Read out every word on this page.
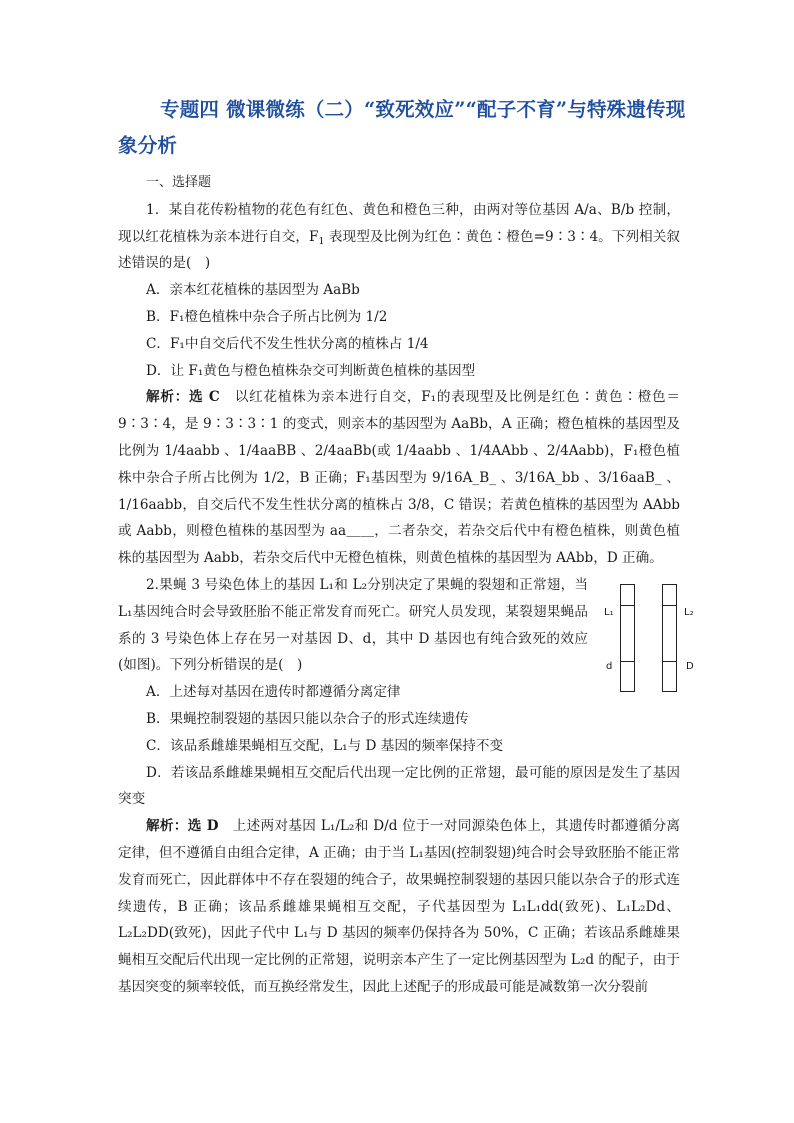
专题四 微课微练（二）“致死效应”“配子不育”与特殊遗传现象分析
一、选择题
1．某自花传粉植物的花色有红色、黄色和橙色三种，由两对等位基因 A/a、B/b 控制，现以红花植株为亲本进行自交，$F_1$ 表现型及比例为红色∶黄色∶橙色=9∶3∶4。下列相关叙述错误的是(　)
A．亲本红花植株的基因型为 AaBb
B．F₁橙色植株中杂合子所占比例为 1/2
C．F₁中自交后代不发生性状分离的植株占 1/4
D．让 F₁黄色与橙色植株杂交可判断黄色植株的基因型
解析：选 C　以红花植株为亲本进行自交，F₁的表现型及比例是红色∶黄色∶橙色＝9∶3∶4，是 9∶3∶3∶1 的变式，则亲本的基因型为 AaBb，A 正确；橙色植株的基因型及比例为 1/4aabb 、1/4aaBB 、2/4aaBb(或 1/4aabb 、1/4AAbb 、2/4Aabb)，F₁橙色植株中杂合子所占比例为 1/2，B 正确；F₁基因型为 9/16A_B_ 、3/16A_bb 、3/16aaB_ 、1/16aabb，自交后代不发生性状分离的植株占 3/8，C 错误；若黄色植株的基因型为 AAbb 或 Aabb，则橙色植株的基因型为 aa＿＿，二者杂交，若杂交后代中有橙色植株，则黄色植株的基因型为 Aabb，若杂交后代中无橙色植株，则黄色植株的基因型为 AAbb，D 正确。
2.果蝇 3 号染色体上的基因 L₁和 L₂分别决定了果蝇的裂翅和正常翅，当 L₁基因纯合时会导致胚胎不能正常发育而死亡。研究人员发现，某裂翅果蝇品系的 3 号染色体上存在另一对基因 D、d，其中 D 基因也有纯合致死的效应(如图)。下列分析错误的是(　)
L₁	L₂
d	D
A．上述每对基因在遗传时都遵循分离定律
B．果蝇控制裂翅的基因只能以杂合子的形式连续遗传
C．该品系雌雄果蝇相互交配，L₁与 D 基因的频率保持不变
D．若该品系雌雄果蝇相互交配后代出现一定比例的正常翅，最可能的原因是发生了基因突变
解析：选 D　上述两对基因 L₁/L₂和 D/d 位于一对同源染色体上，其遗传时都遵循分离定律，但不遵循自由组合定律，A 正确；由于当 L₁基因(控制裂翅)纯合时会导致胚胎不能正常发育而死亡，因此群体中不存在裂翅的纯合子，故果蝇控制裂翅的基因只能以杂合子的形式连续遗传，B 正确；该品系雌雄果蝇相互交配，子代基因型为 L₁L₁dd(致死)、L₁L₂Dd、L₂L₂DD(致死)，因此子代中 L₁与 D 基因的频率仍保持各为 50%，C 正确；若该品系雌雄果蝇相互交配后代出现一定比例的正常翅，说明亲本产生了一定比例基因型为 L₂d 的配子，由于基因突变的频率较低，而互换经常发生，因此上述配子的形成最可能是减数第一次分裂前
